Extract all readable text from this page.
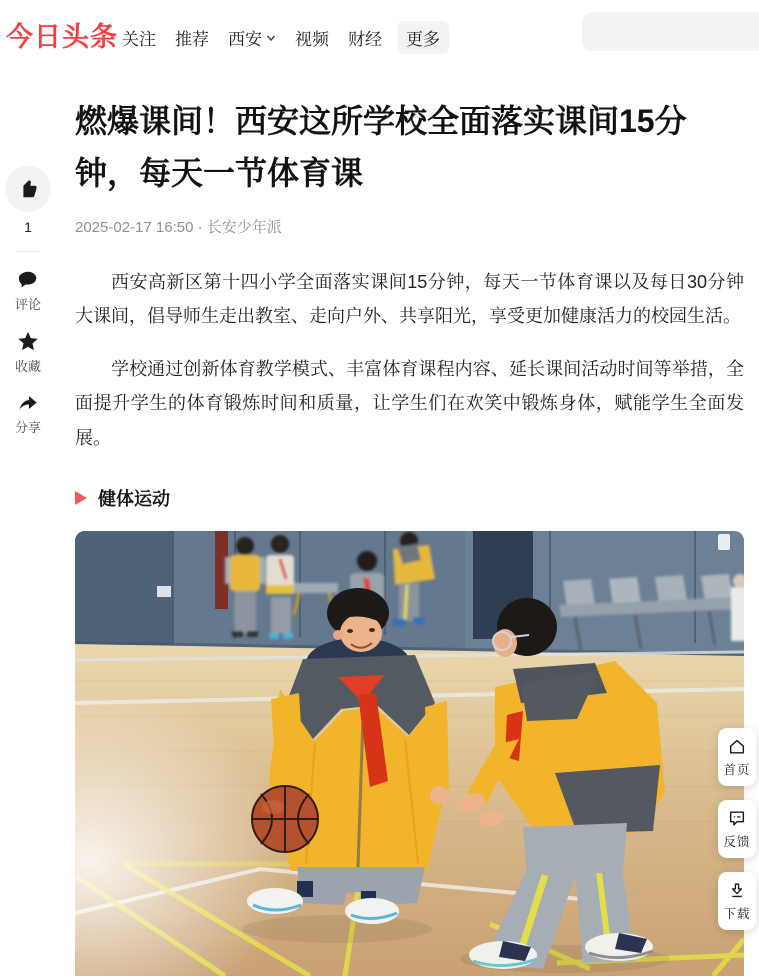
今日头条 关注 推荐 西安 视频 财经 更多
1
评论
收藏
分享
燃爆课间！西安这所学校全面落实课间15分钟，每天一节体育课
2025-02-17 16:50 · 长安少年派

西安高新区第十四小学全面落实课间15分钟，每天一节体育课以及每日30分钟大课间，倡导师生走出教室、走向户外、共享阳光，享受更加健康活力的校园生活。

学校通过创新体育教学模式、丰富体育课程内容、延长课间活动时间等举措，全面提升学生的体育锻炼时间和质量，让学生们在欢笑中锻炼身体，赋能学生全面发展。

健体运动
首页
反馈
下载
